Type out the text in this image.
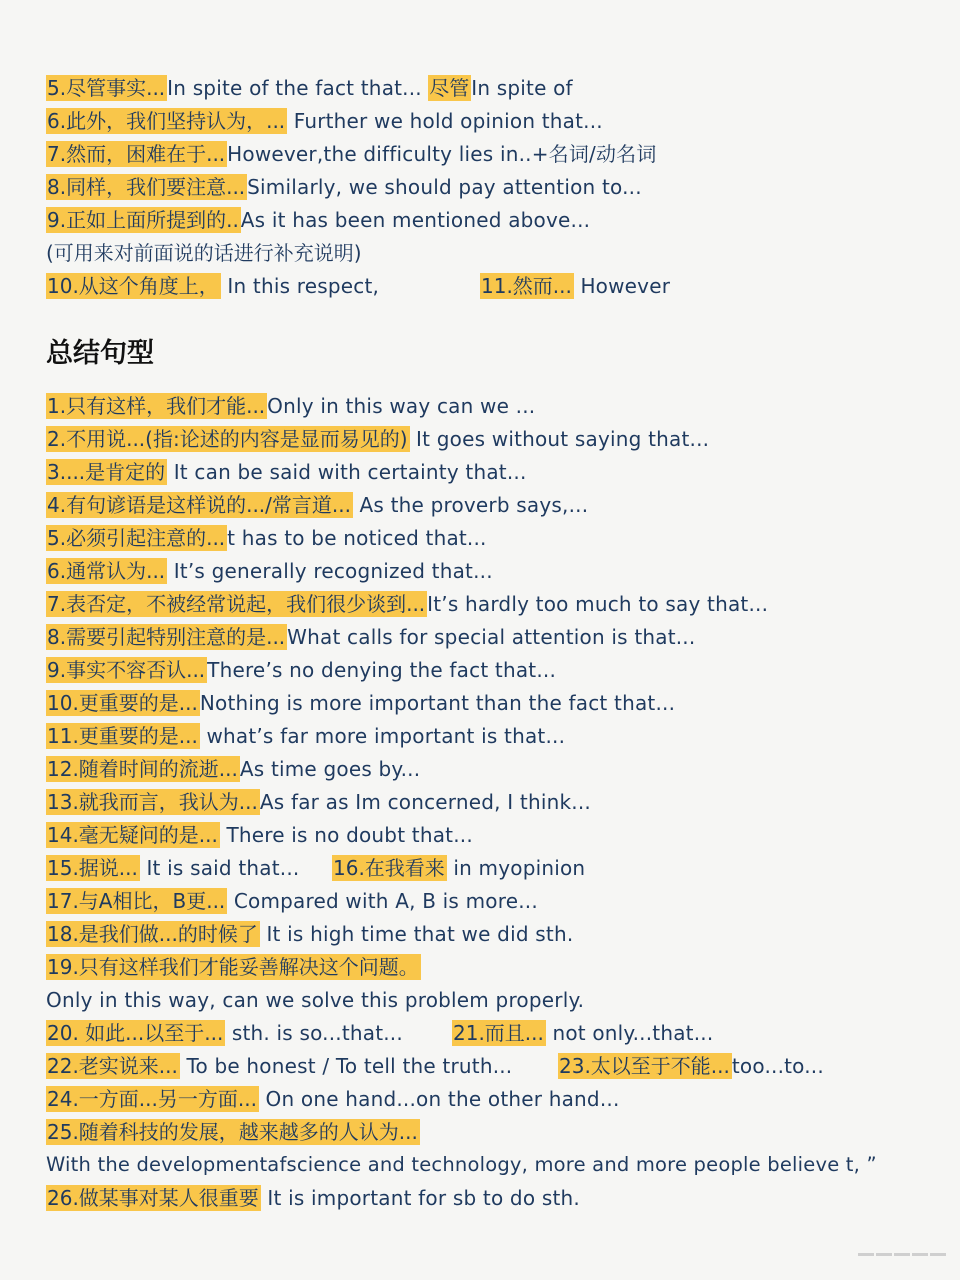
5.尽管事实... In spite of the fact that... 尽管 In spite of
6.此外，我们坚持认为，... Further we hold opinion that...
7.然而，困难在于... However,the difficulty lies in..+名词/动名词
8.同样，我们要注意... Similarly, we should pay attention to...
9.正如上面所提到的.. As it has been mentioned above...
(可用来对前面说的话进行补充说明)
10.从这个角度上， In this respect,	11.然而... However
总结句型
1.只有这样，我们才能... Only in this way can we ...
2.不用说...(指:论述的内容是显而易见的) It goes without saying that...
3....是肯定的 It can be said with certainty that...
4.有句谚语是这样说的.../常言道... As the proverb says,...
5.必须引起注意的... t has to be noticed that...
6.通常认为... It’s generally recognized that...
7.表否定，不被经常说起，我们很少谈到... It’s hardly too much to say that...
8.需要引起特别注意的是... What calls for special attention is that...
9.事实不容否认... There’s no denying the fact that...
10.更重要的是... Nothing is more important than the fact that...
11.更重要的是... what’s far more important is that...
12.随着时间的流逝... As time goes by...
13.就我而言，我认为... As far as Im concerned, I think...
14.毫无疑问的是... There is no doubt that...
15.据说... It is said that... 16.在我看来 in myopinion
17.与A相比，B更... Compared with A, B is more...
18.是我们做...的时候了 It is high time that we did sth.
19.只有这样我们才能妥善解决这个问题。
Only in this way, can we solve this problem properly.
20. 如此...以至于... sth. is so...that...	21.而且... not only...that...
22.老实说来... To be honest / To tell the truth... 23.太以至于不能... too...to...
24.一方面...另一方面... On one hand...on the other hand...
25.随着科技的发展，越来越多的人认为...
With the developmentafscience and technology, more and more people believe t, ”
26.做某事对某人很重要 It is important for sb to do sth.
